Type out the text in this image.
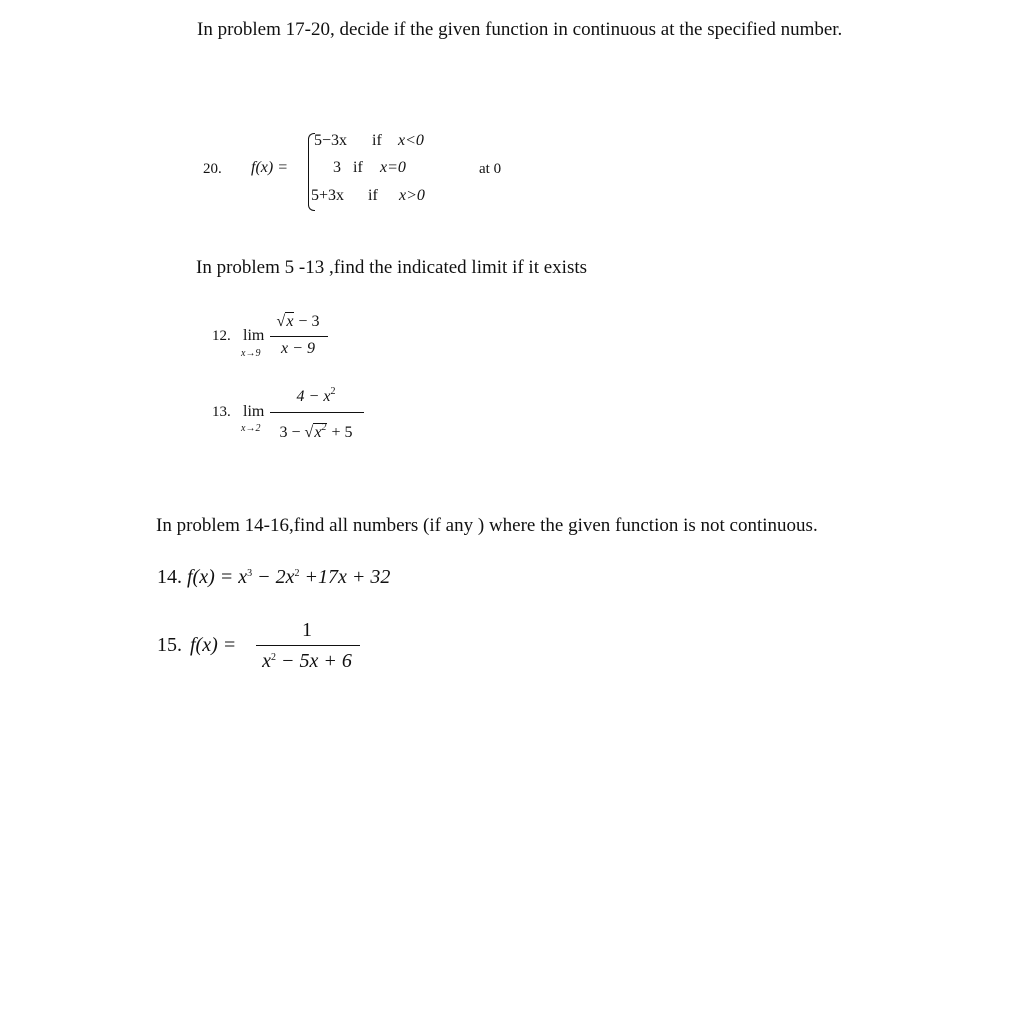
In problem 17-20, decide if the given function in continuous at the specified number.
20. f(x) =
5−3x if x<0
3 if x=0
5+3x if x>0
at 0
In problem 5 -13 ,find the indicated limit if it exists
12. lim
x→9
√x − 3
x − 9
13. lim
x→2
$4 - x^2$
$3 - √x^2 + 5$
In problem 14-16,find all numbers (if any ) where the given function is not continuous.
14. $f(x) = x^3 - 2x^2 +17x + 32$
15. f(x) =
1
$x^2 - 5x + 6$
